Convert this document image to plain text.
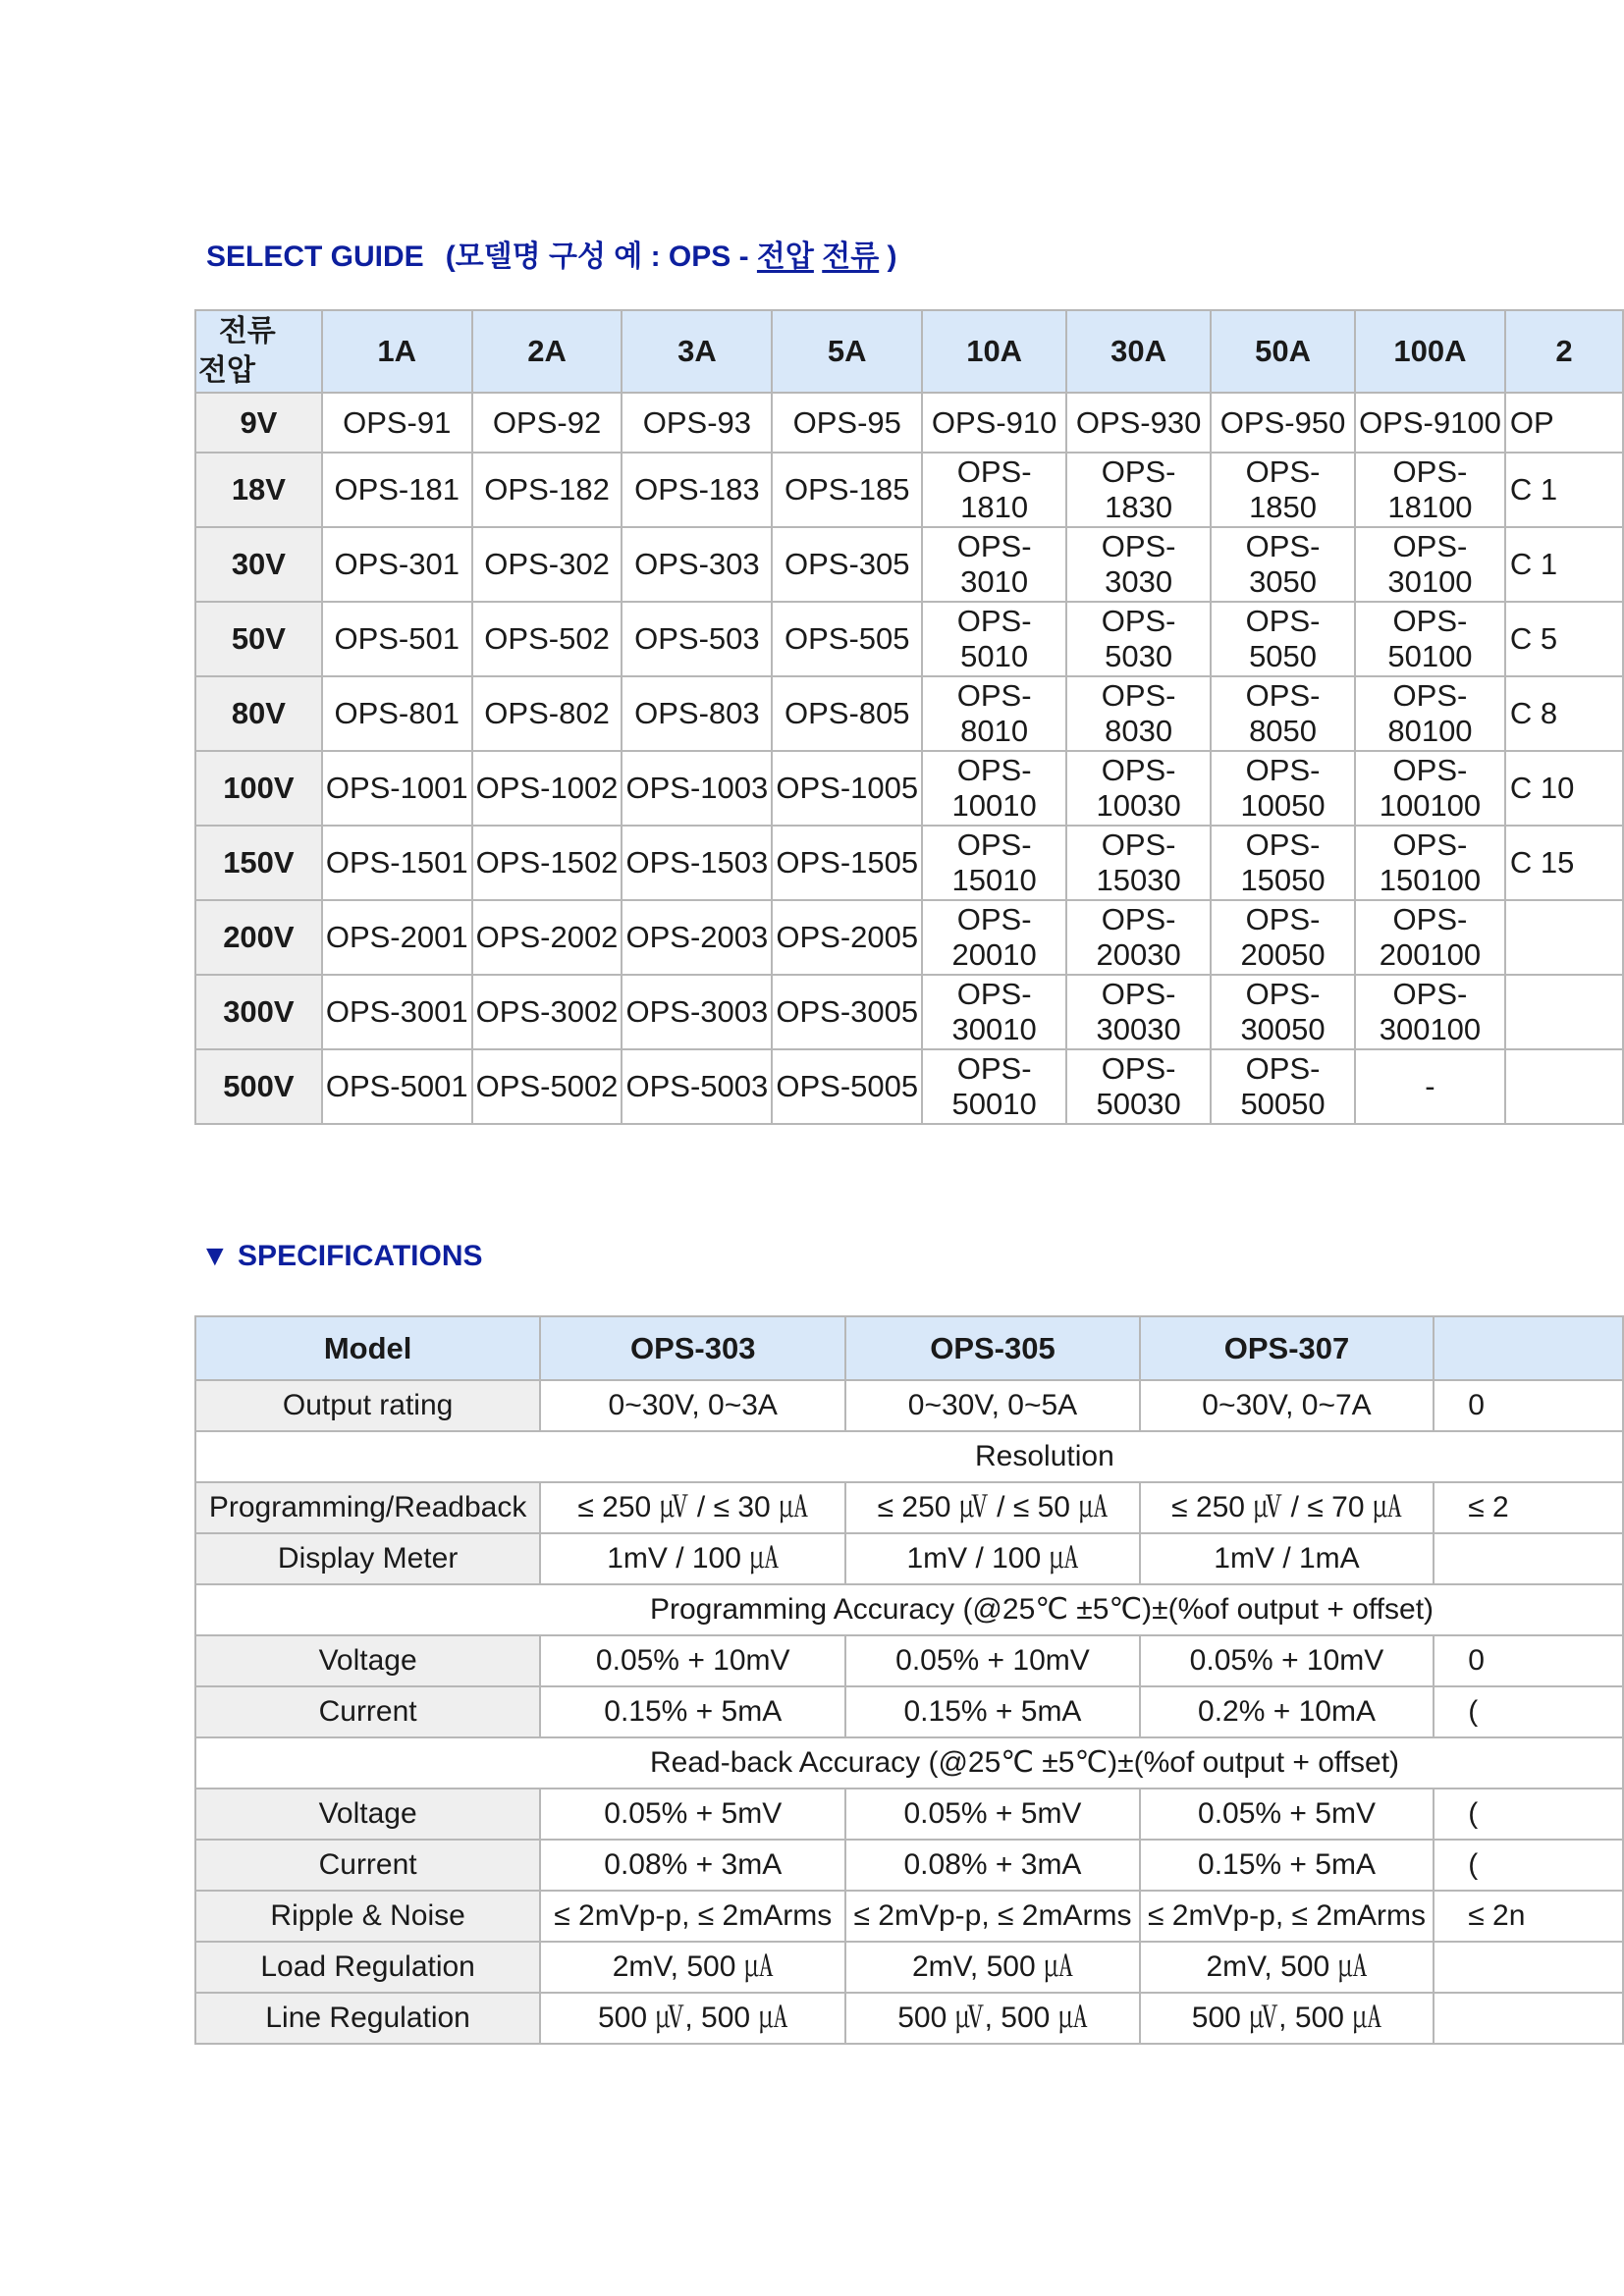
SELECT GUIDE (모델명 구성 예 : OPS - 전압 전류 )
전류
전압	1A	2A	3A	5A	10A	30A	50A	100A	2
9V	OPS-91	OPS-92	OPS-93	OPS-95	OPS-910	OPS-930	OPS-950	OPS-9100	OP
18V	OPS-181	OPS-182	OPS-183	OPS-185	OPS-1810	OPS-1830	OPS-1850	OPS-18100	C 1
30V	OPS-301	OPS-302	OPS-303	OPS-305	OPS-3010	OPS-3030	OPS-3050	OPS-30100	C 1
50V	OPS-501	OPS-502	OPS-503	OPS-505	OPS-5010	OPS-5030	OPS-5050	OPS-50100	C 5
80V	OPS-801	OPS-802	OPS-803	OPS-805	OPS-8010	OPS-8030	OPS-8050	OPS-80100	C 8
100V	OPS-1001	OPS-1002	OPS-1003	OPS-1005	OPS-10010	OPS-10030	OPS-10050	OPS-100100	C 10
150V	OPS-1501	OPS-1502	OPS-1503	OPS-1505	OPS-15010	OPS-15030	OPS-15050	OPS-150100	C 15
200V	OPS-2001	OPS-2002	OPS-2003	OPS-2005	OPS-20010	OPS-20030	OPS-20050	OPS-200100	
300V	OPS-3001	OPS-3002	OPS-3003	OPS-3005	OPS-30010	OPS-30030	OPS-30050	OPS-300100	
500V	OPS-5001	OPS-5002	OPS-5003	OPS-5005	OPS-50010	OPS-50030	OPS-50050	-	
▼ SPECIFICATIONS
Model	OPS-303	OPS-305	OPS-307	
Output rating	0~30V, 0~3A	0~30V, 0~5A	0~30V, 0~7A	0
Resolution				
Programming/Readback	≤ 250 ㎶ / ≤ 30 ㎂	≤ 250 ㎶ / ≤ 50 ㎂	≤ 250 ㎶ / ≤ 70 ㎂	≤ 2
Display Meter	1mV / 100 ㎂	1mV / 100 ㎂	1mV / 1mA	
Programming Accuracy (@25℃ ±5℃)±(%of output + offset)				
Voltage	0.05% + 10mV	0.05% + 10mV	0.05% + 10mV	0
Current	0.15% + 5mA	0.15% + 5mA	0.2% + 10mA	(
Read-back Accuracy (@25℃ ±5℃)±(%of output + offset)				
Voltage	0.05% + 5mV	0.05% + 5mV	0.05% + 5mV	(
Current	0.08% + 3mA	0.08% + 3mA	0.15% + 5mA	(
Ripple & Noise	≤ 2mVp-p, ≤ 2mArms	≤ 2mVp-p, ≤ 2mArms	≤ 2mVp-p, ≤ 2mArms	≤ 2n
Load Regulation	2mV, 500 ㎂	2mV, 500 ㎂	2mV, 500 ㎂	
Line Regulation	500 ㎶, 500 ㎂	500 ㎶, 500 ㎂	500 ㎶, 500 ㎂	
